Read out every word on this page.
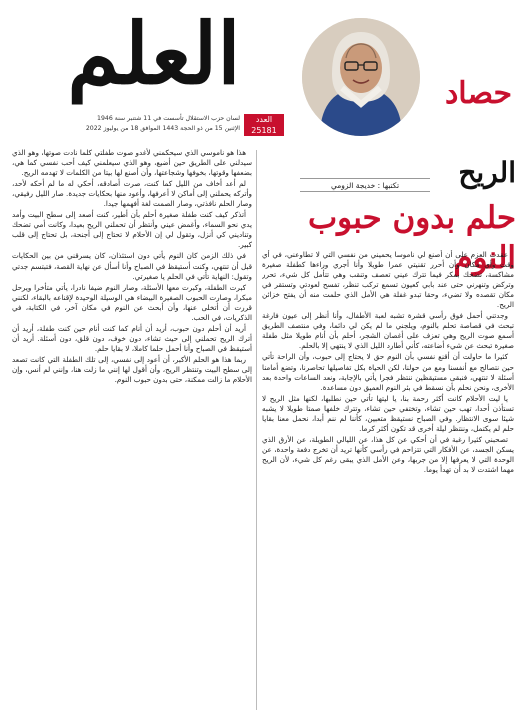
العلم
العدد 25181
لسان حزب الاستقلال تأسست في 11 شتنبر سنة 1946
الإثنين 15 من ذو الحجة 1443 الموافق 18 من يوليوز 2022
حصاد
تكتبها : خديجة الزومي	الريح
حلم بدون حبوب النوم

عقدت العزم على أن أصنع لي ناموسا يحميني من نفسي التي لا تطاوعني، في أي وقت وأي مكان وأن أحرر تقنيتي عمرا طويلا وأنا أجري وراءها كطفلة صغيرة مشاكسة، تضحك بمكر فيما تترك عيني تعصف وتنقب وهي تتأمل كل شيء، تحرر وتركض وتنهرني حتى عند بابي كعيون تسمع تركب تنظر، تفسح لعودتي وتستقر في مكان تقصده ولا تضيء، وحقا تبدو غفلة هي الأمل الذي حلمت منه أن يفتح خزائن الريح.

وجدتني أحمل فوق رأسي قشرة تشبه لعبة الأطفال، وأنا أنظر إلى عيون فارغة تبحث في قصاصة تحلم بالنوم، ويلجني ما لم يكن لي دائما، وفي منتصف الطريق أسمع صوت الريح وهي تعزف على أغصان الشجر، أحلم بأن أنام طويلا مثل طفلة صغيرة تبحث عن شيء أضاعته، كأني أطارد الليل الذي لا ينتهي إلا بالحلم.

كثيرا ما حاولت أن أقنع نفسي بأن النوم حق لا يحتاج إلى حبوب، وأن الراحة تأتي حين نتصالح مع أنفسنا ومع من حولنا، لكن الحياة بكل تفاصيلها تحاصرنا، وتضع أمامنا أسئلة لا تنتهي، فنبقى مستيقظين ننتظر فجرا يأتي بالإجابة، ونعد الساعات واحدة بعد الأخرى، ونحن نحلم بأن نسقط في بئر النوم العميق دون مساعدة.

يا ليت الأحلام كانت أكثر رحمة بنا، يا ليتها تأتي حين نطلبها، لكنها مثل الريح لا تستأذن أحدا، تهب حين تشاء، وتختفي حين تشاء، وتترك خلفها صمتا طويلا لا يشبه شيئا سوى الانتظار. وفي الصباح نستيقظ متعبين، كأننا لم ننم أبدا، نحمل معنا بقايا حلم لم يكتمل، وننتظر ليلة أخرى قد تكون أكثر كرما.

تصحبني كثيرا رغبة في أن أحكي عن كل هذا، عن الليالي الطويلة، عن الأرق الذي يسكن الجسد، عن الأفكار التي تتزاحم في رأسي كأنها تريد أن تخرج دفعة واحدة، عن الوحدة التي لا يعرفها إلا من جربها، وعن الأمل الذي يبقى رغم كل شيء، لأن الريح مهما اشتدت لا بد أن تهدأ يوما.

هذا هو ناموسي الذي سيحكمني لأغدو صوت طفلتي كلما نادت صوتها، وهو الذي سيدلني على الطريق حين أضيع، وهو الذي سيعلمني كيف أحب نفسي كما هي، بضعفها وقوتها، بخوفها وشجاعتها، وأن أصنع لها بيتا من الكلمات لا تهدمه الريح.

لم أعد أخاف من الليل كما كنت، صرت أصادقه، أحكي له ما لم أحكه لأحد، وأتركه يحملني إلى أماكن لا أعرفها، وأعود منها بحكايات جديدة. صار الليل رفيقي، وصار الحلم نافذتي، وصار الصمت لغة أفهمها جيدا.

أتذكر كيف كنت طفلة صغيرة أحلم بأن أطير، كنت أصعد إلى سطح البيت وأمد يدي نحو السماء، وأغمض عيني وأنتظر أن تحملني الريح بعيدا، وكانت أمي تضحك وتناديني كي أنزل، وتقول لي إن الأحلام لا تحتاج إلى أجنحة، بل تحتاج إلى قلب كبير.

في ذلك الزمن كان النوم يأتي دون استئذان، كان يسرقني من بين الحكايات قبل أن تنتهي، وكنت أستيقظ في الصباح وأنا أسأل عن نهاية القصة، فتبتسم جدتي وتقول: النهاية تأتي في الحلم يا صغيرتي.

كبرت الطفلة، وكبرت معها الأسئلة، وصار النوم ضيفا نادرا، يأتي متأخرا ويرحل مبكرا، وصارت الحبوب الصغيرة البيضاء هي الوسيلة الوحيدة لإقناعه بالبقاء، لكنني قررت أن أتخلى عنها، وأن أبحث عن النوم في مكان آخر، في الكتابة، في الذكريات، في الحب.

أريد أن أحلم دون حبوب، أريد أن أنام كما كنت أنام حين كنت طفلة، أريد أن أترك الريح تحملني إلى حيث تشاء، دون خوف، دون قلق، دون أسئلة. أريد أن أستيقظ في الصباح وأنا أحمل حلما كاملا، لا بقايا حلم.

ربما هذا هو الحلم الأكبر، أن أعود إلى نفسي، إلى تلك الطفلة التي كانت تصعد إلى سطح البيت وتنتظر الريح، وأن أقول لها إنني ما زلت هنا، وإنني لم أنس، وإن الأحلام ما زالت ممكنة، حتى بدون حبوب النوم.
